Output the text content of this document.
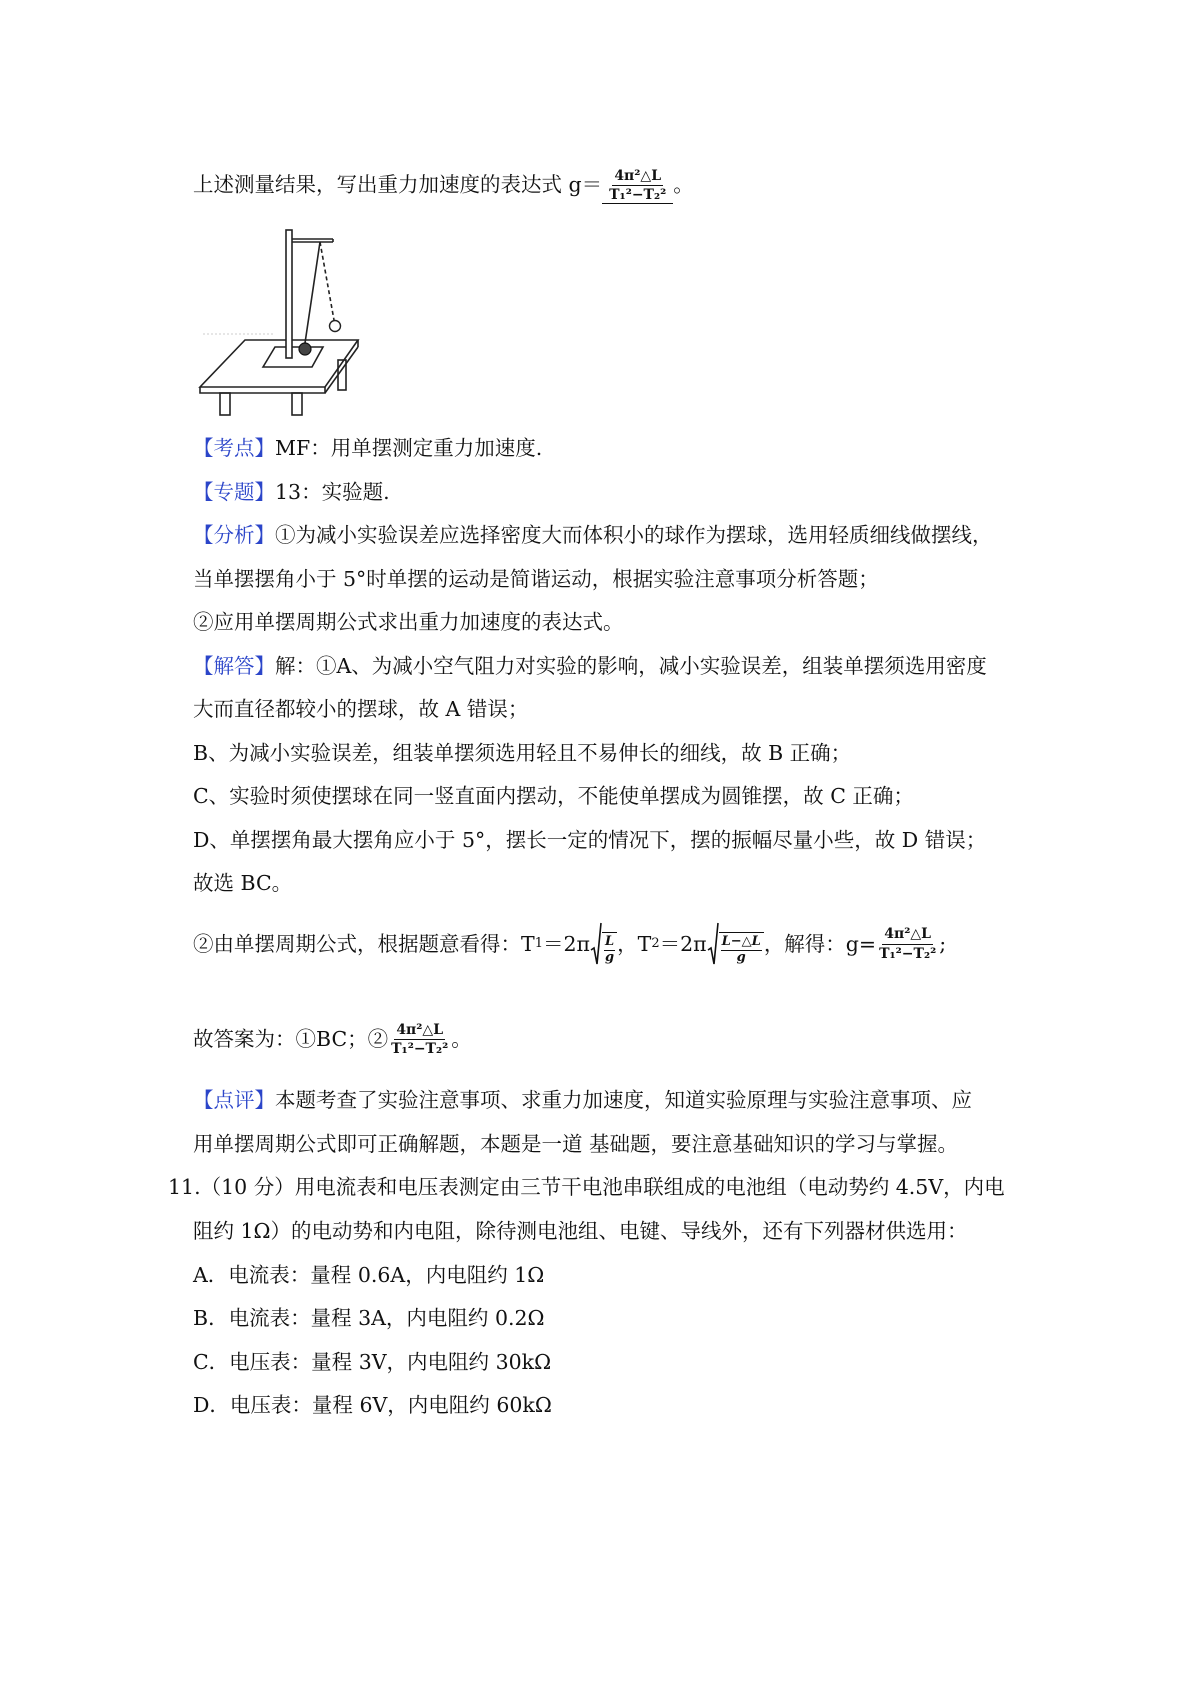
上述测量结果，写出重力加速度的表达式 $g= \frac{\text{4π²△L}}{\text{T₁²−T₂²}}$ 。
【考点】MF：用单摆测定重力加速度.
【专题】13：实验题.
【分析】①为减小实验误差应选择密度大而体积小的球作为摆球，选用轻质细线做摆线，
当单摆摆角小于 5°时单摆的运动是简谐运动，根据实验注意事项分析答题；
②应用单摆周期公式求出重力加速度的表达式。
【解答】解：①A、为减小空气阻力对实验的影响，减小实验误差，组装单摆须选用密度
大而直径都较小的摆球，故 A 错误；
B、为减小实验误差，组装单摆须选用轻且不易伸长的细线，故 B 正确；
C、实验时须使摆球在同一竖直面内摆动，不能使单摆成为圆锥摆，故 C 正确；
D、单摆摆角最大摆角应小于 5°，摆长一定的情况下，摆的振幅尽量小些，故 D 错误；
故选 BC。
②由单摆周期公式，根据题意看得：T 1 ＝2π L
g
，T 2 ＝2π L−△L
g
，解得：$g= \frac{\text{4π²△L}}{\text{T₁²−T₂²}}$ ;
故答案为：①BC；② $\frac{\text{4π²△L}}{\text{T₁²−T₂²}}$ 。
【点评】本题考查了实验注意事项、求重力加速度，知道实验原理与实验注意事项、应
用单摆周期公式即可正确解题，本题是一道 基础题，要注意基础知识的学习与掌握。
11.（10 分）用电流表和电压表测定由三节干电池串联组成的电池组（电动势约 4.5V，内电
阻约 1Ω）的电动势和内电阻，除待测电池组、电键、导线外，还有下列器材供选用：
A．电流表：量程 0.6A，内电阻约 1Ω
B．电流表：量程 3A，内电阻约 0.2Ω
C．电压表：量程 3V，内电阻约 30kΩ
D．电压表：量程 6V，内电阻约 60kΩ
